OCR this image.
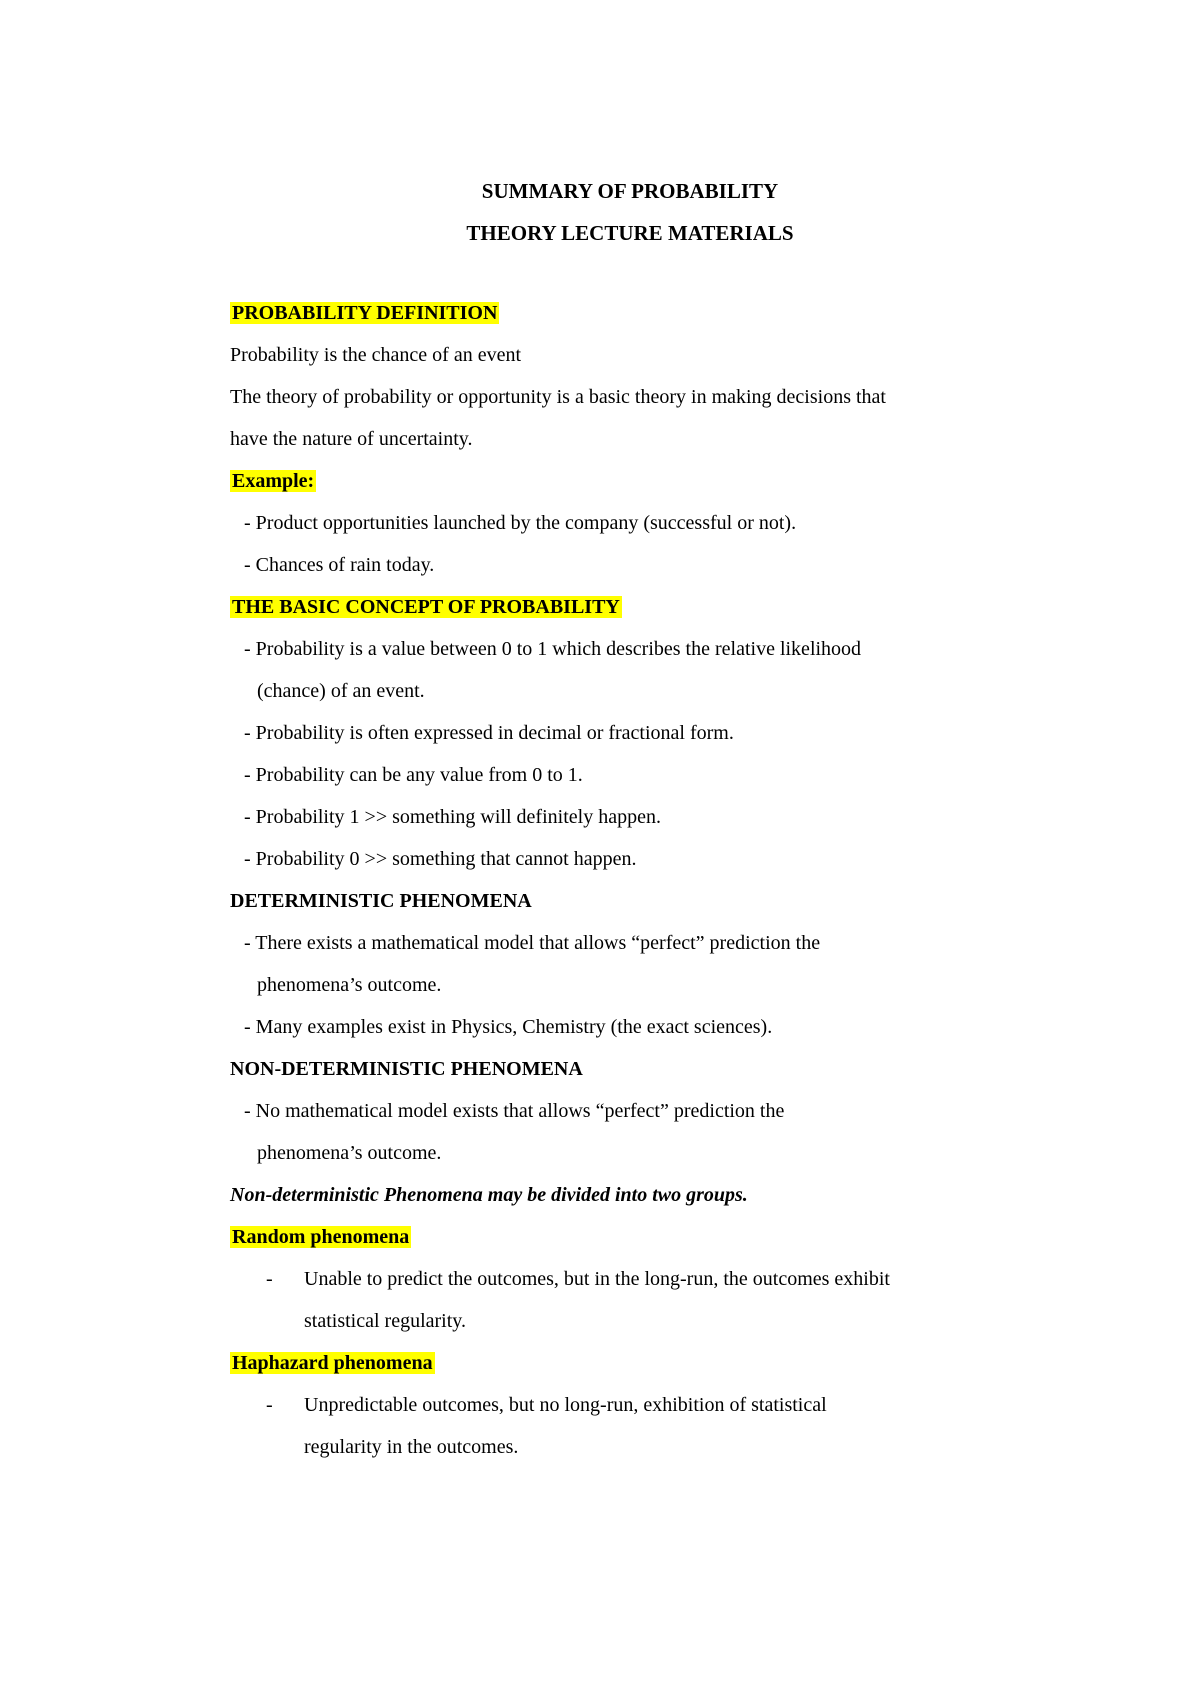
SUMMARY OF PROBABILITY
THEORY LECTURE MATERIALS
PROBABILITY DEFINITION
Probability is the chance of an event
The theory of probability or opportunity is a basic theory in making decisions that
have the nature of uncertainty.
Example:
- Product opportunities launched by the company (successful or not).
- Chances of rain today.
THE BASIC CONCEPT OF PROBABILITY
- Probability is a value between 0 to 1 which describes the relative likelihood
(chance) of an event.
- Probability is often expressed in decimal or fractional form.
- Probability can be any value from 0 to 1.
- Probability 1 >> something will definitely happen.
- Probability 0 >> something that cannot happen.
DETERMINISTIC PHENOMENA
- There exists a mathematical model that allows “perfect” prediction the
phenomena’s outcome.
- Many examples exist in Physics, Chemistry (the exact sciences).
NON-DETERMINISTIC PHENOMENA
- No mathematical model exists that allows “perfect” prediction the
phenomena’s outcome.
Non-deterministic Phenomena may be divided into two groups.
Random phenomena
- Unable to predict the outcomes, but in the long-run, the outcomes exhibit
statistical regularity.
Haphazard phenomena
- Unpredictable outcomes, but no long-run, exhibition of statistical
regularity in the outcomes.
